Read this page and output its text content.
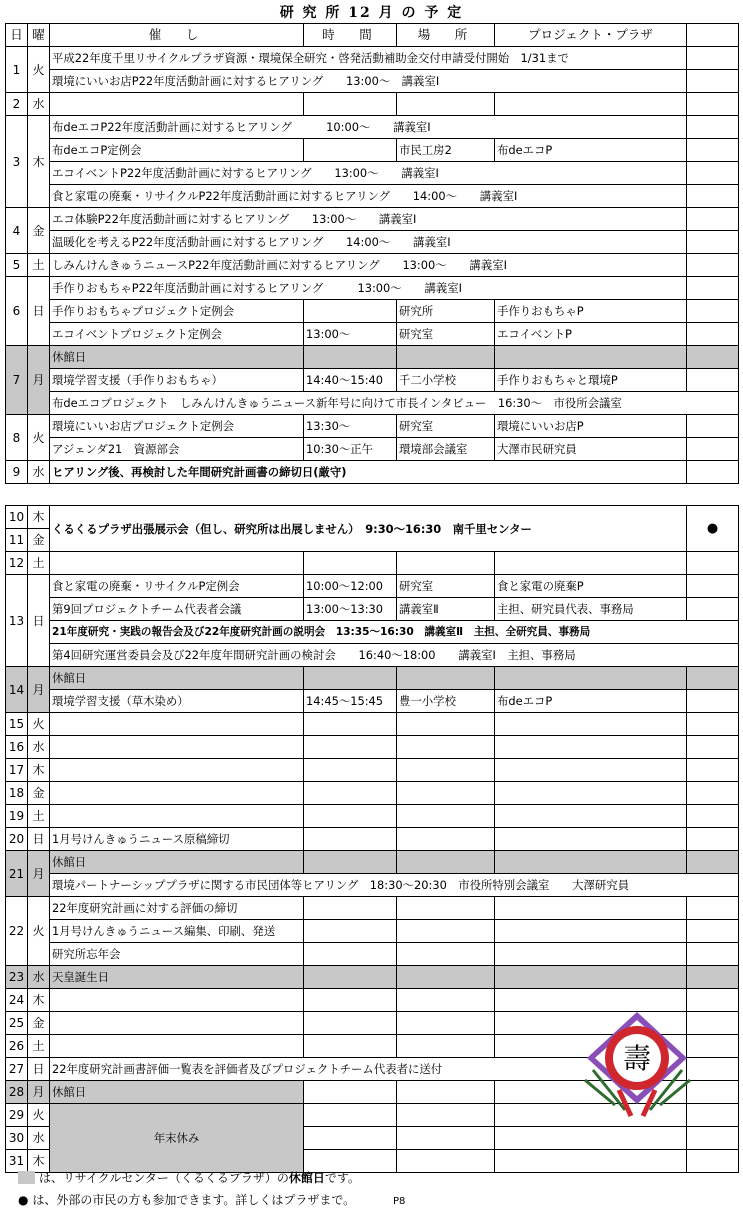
研 究 所 12 月 の 予 定
日	曜	催　し	時　間	場　所	プロジェクト・プラザ	
1	火	平成22年度千里リサイクルプラザ資源・環境保全研究・啓発活動補助金交付申請受付開始　1/31まで				
		環境にいいお店P22年度活動計画に対するヒアリング　　13:00～　講義室Ⅰ				
2	水					
3	木	布deエコP22年度活動計画に対するヒアリング　　　10:00～　　講義室Ⅰ				
		布deエコP定例会		市民工房2	布deエコP	
		エコイベントP22年度活動計画に対するヒアリング　　13:00～　　講義室Ⅰ				
		食と家電の廃棄・リサイクルP22年度活動計画に対するヒアリング　　14:00～　　講義室Ⅰ				
4	金	エコ体験P22年度活動計画に対するヒアリング　　13:00～　　講義室Ⅰ				
		温暖化を考えるP22年度活動計画に対するヒアリング　　14:00～　　講義室Ⅰ				
5	土	しみんけんきゅうニュースP22年度活動計画に対するヒアリング　　13:00～　　講義室Ⅰ				
6	日	手作りおもちゃP22年度活動計画に対するヒアリング　　　13:00～　　講義室Ⅰ				
		手作りおもちゃプロジェクト定例会		研究所	手作りおもちゃP	
		エコイベントプロジェクト定例会	13:00～	研究室	エコイベントP	
7	月	休館日				
		環境学習支援（手作りおもちゃ）	14:40～15:40	千二小学校	手作りおもちゃと環境P	
		布deエコプロジェクト　しみんけんきゅうニュース新年号に向けて市長インタビュー　16:30～　市役所会議室				
8	火	環境にいいお店プロジェクト定例会	13:30～	研究室	環境にいいお店P	
		アジェンダ21　資源部会	10:30～正午	環境部会議室	大澤市民研究員	
9	水	ヒアリング後、再検討した年間研究計画書の締切日(厳守)				

10	木	くるくるプラザ出張展示会（但し、研究所は出展しません）　9:30～16:30　南千里センター				●

11	金					
12	土					
13	日	食と家電の廃棄・リサイクルP定例会	10:00～12:00	研究室	食と家電の廃棄P	
		第9回プロジェクトチーム代表者会議	13:00～13:30	講義室Ⅱ	主担、研究員代表、事務局	
		21年度研究・実践の報告会及び22年度研究計画の説明会　13:35～16:30　講義室Ⅱ　主担、全研究員、事務局				
		第4回研究運営委員会及び22年度年間研究計画の検討会　　16:40～18:00　　講義室Ⅰ　主担、事務局				
14	月	休館日				
		環境学習支援（草木染め）	14:45～15:45	豊一小学校	布deエコP	
15	火					
16	水					
17	木					
18	金					
19	土					
20	日	1月号けんきゅうニュース原稿締切				
21	月	休館日				
		環境パートナーシッププラザに関する市民団体等ヒアリング　18:30～20:30　市役所特別会議室　　大澤研究員				
22	火	22年度研究計画に対する評価の締切				
		1月号けんきゅうニュース編集、印刷、発送				
		研究所忘年会				
23	水	天皇誕生日				
24	木					
25	金					
26	土					
27	日	22年度研究計画書評価一覧表を評価者及びプロジェクトチーム代表者に送付				
28	月	休館日				
29	火	年末休み				
30	水					
31	木					
壽
は、リサイクルセンター（くるくるプラザ）の休館日です。
● は、外部の市民の方も参加できます。詳しくはプラザまで。	P8
